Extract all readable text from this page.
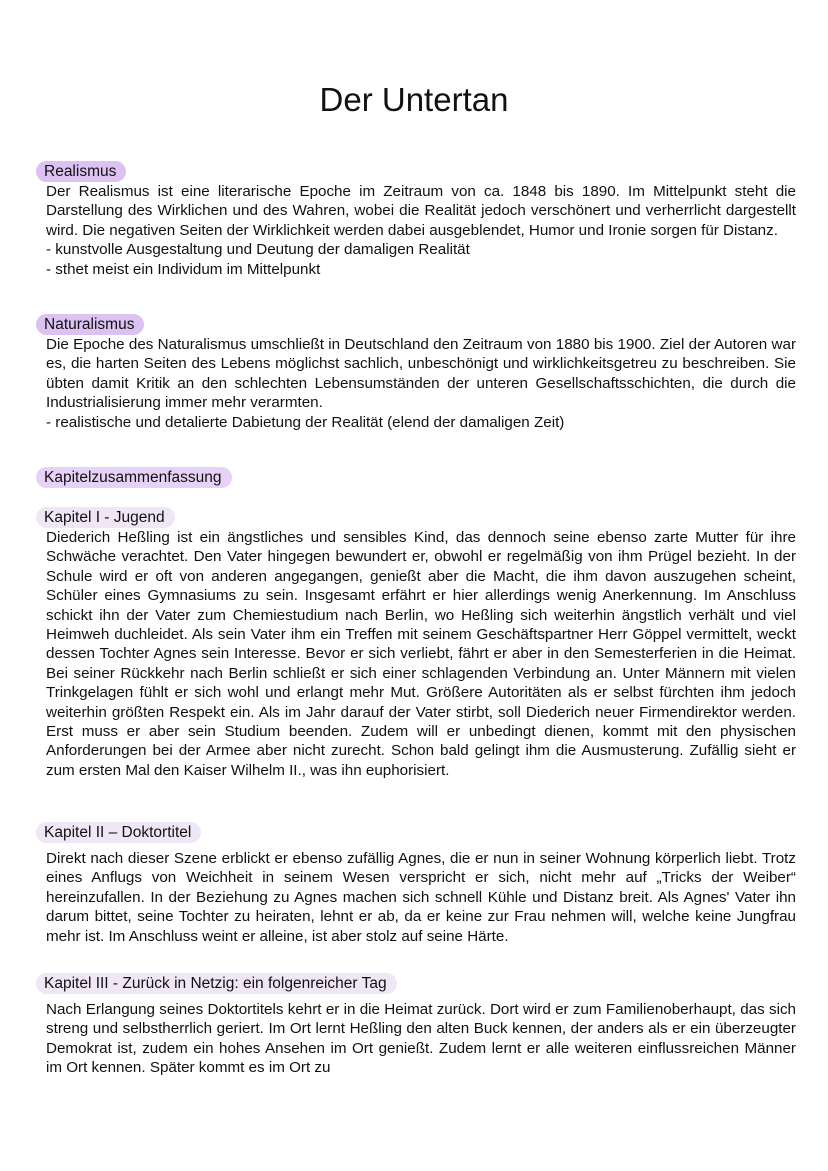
Der Untertan
Realismus

Der Realismus ist eine literarische Epoche im Zeitraum von ca. 1848 bis 1890. Im Mittelpunkt steht die Darstellung des Wirklichen und des Wahren, wobei die Realität jedoch verschönert und verherrlicht dargestellt wird. Die negativen Seiten der Wirklichkeit werden dabei ausgeblendet, Humor und Ironie sorgen für Distanz.

- kunstvolle Ausgestaltung und Deutung der damaligen Realität

- sthet meist ein Individum im Mittelpunkt

Naturalismus

Die Epoche des Naturalismus umschließt in Deutschland den Zeitraum von 1880 bis 1900. Ziel der Autoren war es, die harten Seiten des Lebens möglichst sachlich, unbeschönigt und wirklichkeitsgetreu zu beschreiben. Sie übten damit Kritik an den schlechten Lebensumständen der unteren Gesellschaftsschichten, die durch die Industrialisierung immer mehr verarmten.

- realistische und detalierte Dabietung der Realität (elend der damaligen Zeit)

Kapitelzusammenfassung
Kapitel I - Jugend

Diederich Heßling ist ein ängstliches und sensibles Kind, das dennoch seine ebenso zarte Mutter für ihre Schwäche verachtet. Den Vater hingegen bewundert er, obwohl er regelmäßig von ihm Prügel bezieht. In der Schule wird er oft von anderen angegangen, genießt aber die Macht, die ihm davon auszugehen scheint, Schüler eines Gymnasiums zu sein. Insgesamt erfährt er hier allerdings wenig Anerkennung. Im Anschluss schickt ihn der Vater zum Chemiestudium nach Berlin, wo Heßling sich weiterhin ängstlich verhält und viel Heimweh duchleidet. Als sein Vater ihm ein Treffen mit seinem Geschäftspartner Herr Göppel vermittelt, weckt dessen Tochter Agnes sein Interesse. Bevor er sich verliebt, fährt er aber in den Semesterferien in die Heimat. Bei seiner Rückkehr nach Berlin schließt er sich einer schlagenden Verbindung an. Unter Männern mit vielen Trinkgelagen fühlt er sich wohl und erlangt mehr Mut. Größere Autoritäten als er selbst fürchten ihm jedoch weiterhin größten Respekt ein. Als im Jahr darauf der Vater stirbt, soll Diederich neuer Firmendirektor werden. Erst muss er aber sein Studium beenden. Zudem will er unbedingt dienen, kommt mit den physischen Anforderungen bei der Armee aber nicht zurecht. Schon bald gelingt ihm die Ausmusterung. Zufällig sieht er zum ersten Mal den Kaiser Wilhelm II., was ihn euphorisiert.

Kapitel II – Doktortitel

Direkt nach dieser Szene erblickt er ebenso zufällig Agnes, die er nun in seiner Wohnung körperlich liebt. Trotz eines Anflugs von Weichheit in seinem Wesen verspricht er sich, nicht mehr auf „Tricks der Weiber“ hereinzufallen. In der Beziehung zu Agnes machen sich schnell Kühle und Distanz breit. Als Agnes' Vater ihn darum bittet, seine Tochter zu heiraten, lehnt er ab, da er keine zur Frau nehmen will, welche keine Jungfrau mehr ist. Im Anschluss weint er alleine, ist aber stolz auf seine Härte.

Kapitel III - Zurück in Netzig: ein folgenreicher Tag

Nach Erlangung seines Doktortitels kehrt er in die Heimat zurück. Dort wird er zum Familienoberhaupt, das sich streng und selbstherrlich geriert. Im Ort lernt Heßling den alten Buck kennen, der anders als er ein überzeugter Demokrat ist, zudem ein hohes Ansehen im Ort genießt. Zudem lernt er alle weiteren einflussreichen Männer im Ort kennen. Später kommt es im Ort zu
